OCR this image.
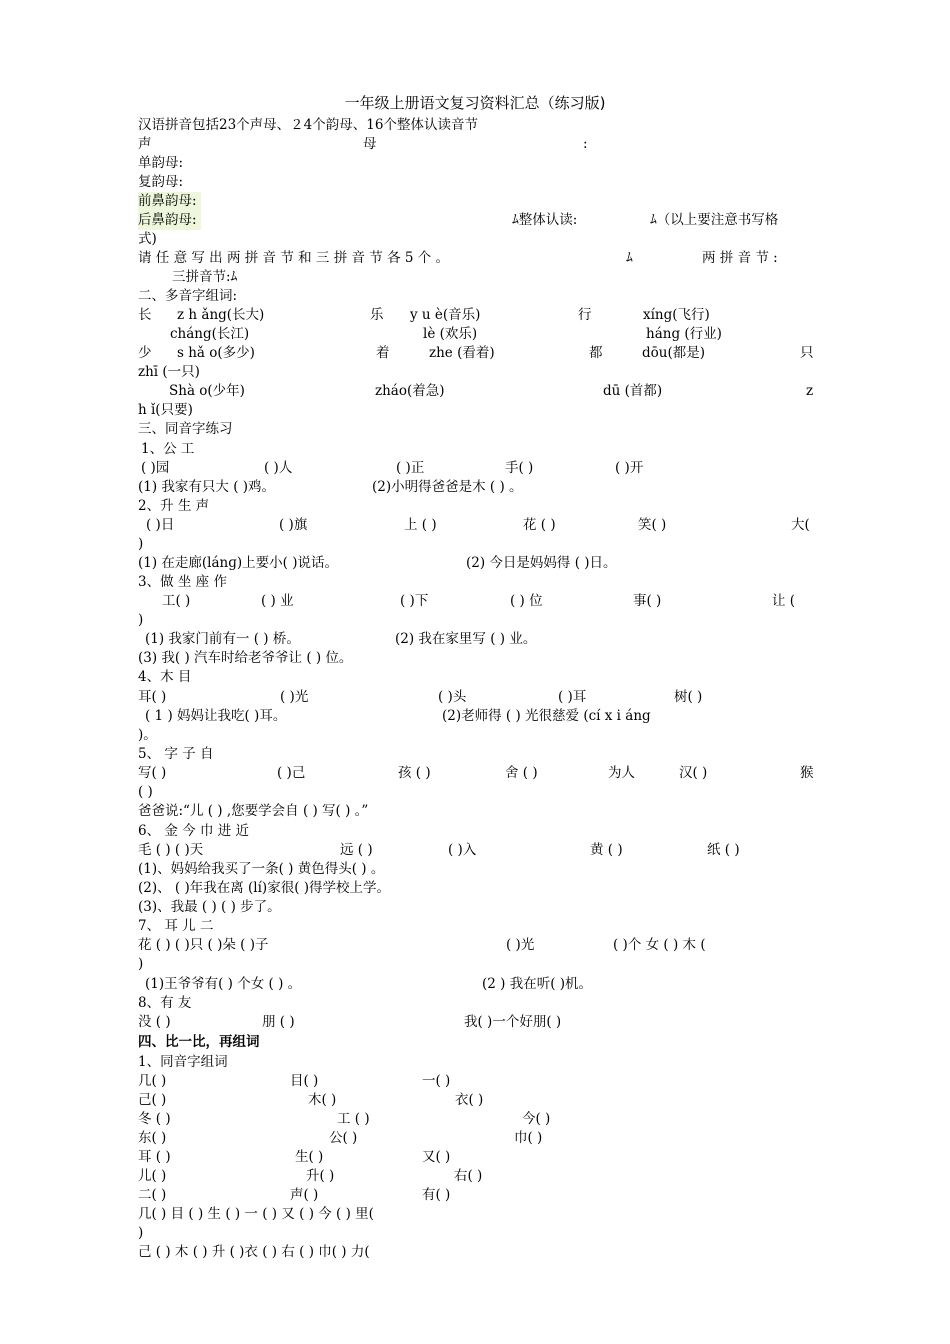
一年级上册语文复习资料汇总（练习版)
汉语拼音包括23个声母、２4个韵母、16个整体认读音节
声	母	:
单韵母:
复韵母:
前鼻韵母:
后鼻韵母:	ﾑ整体认读:	ﾑ（以上要注意书写格
式)
请 任 意 写 出 两 拼 音 节 和 三 拼 音 节 各 5 个 。	ﾑ	两 拼 音 节 :
三拼音节:ﾑ
二、多音字组词:
长 z h ǎng(长大)	乐 y u è(音乐)	行	xíng(飞行)
cháng(长江)	lè (欢乐)	háng (行业)
少 s hǎ o(多少)	着	zhe (看着)	都	dōu(都是)	只
zhī (一只)
Shà o(少年)	zháo(着急)	dū (首都)	z
h ǐ(只要)
三、同音字练习
1、公 工
( )园	( )人	( )正	手( )	( )开
(1) 我家有只大 ( )鸡。	(2)小明得爸爸是木 ( ) 。
2、升 生 声
( )日	( )旗	上 ( )	花 ( )	笑( )	大(
)
(1) 在走廊(lánɡ)上要小( )说话。	(2) 今日是妈妈得 ( )日。
3、做 坐 座 作
工( )	( ) 业	( )下	( ) 位	事( )	让 (
)
(1) 我家门前有一 ( ) 桥。	(2) 我在家里写 ( ) 业。
(3) 我( ) 汽车时给老爷爷让 ( ) 位。
4、木 目
耳( )	( )光	( )头	( )耳	树( )
( 1 ) 妈妈让我吃( )耳。	(2)老师得 ( ) 光很慈爱 (cí x i áng
)。
5、 字 子 自
写( )	( )己	孩 ( )	舍 ( )	为人	汉( )	猴
( )
爸爸说:“儿 ( ) ,您要学会自 ( ) 写( ) 。”
6、 金 今 巾 进 近
毛 ( ) ( )天	远 ( )	( )入	黄 ( )	纸 ( )
(1)、妈妈给我买了一条( ) 黄色得头( ) 。
(2)、 ( )年我在离 (lí)家很( )得学校上学。
(3)、我最 ( ) ( ) 步了。
7、 耳 儿 二
花 ( ) ( )只 ( )朵 ( )子	( )光	( )个 女 ( ) 木 (
)
(1)王爷爷有( ) 个女 ( ) 。	(2 ) 我在听( )机。
8、有 友
没 ( )	朋 ( )	我( )一个好朋( )
四、比一比，再组词
1、同音字组词
几( )	目( )	一( )
己( )	木( )	衣( )
冬 ( )	工 ( )	今( )
东( )	公( )	巾( )
耳 ( )	生( )	又( )
儿( )	升( )	右( )
二( )	声( )	有( )
几( ) 目 ( ) 生 ( ) 一 ( ) 又 ( ) 今 ( ) 里(
)
己 ( ) 木 ( ) 升 ( )衣 ( ) 右 ( ) 巾( ) 力(
